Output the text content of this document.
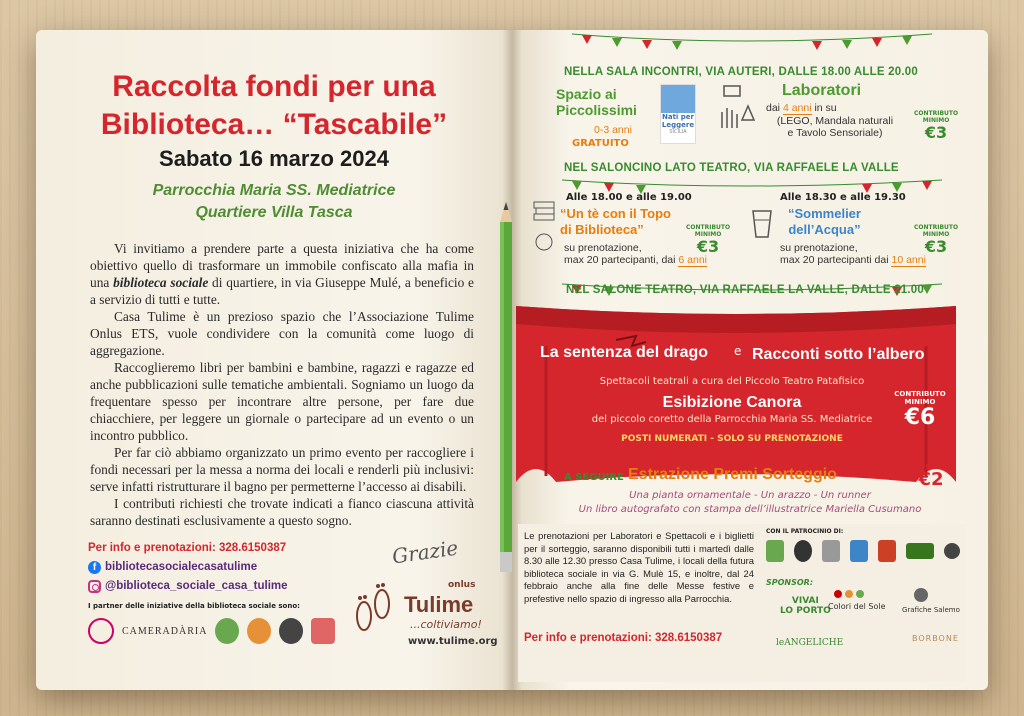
Raccolta fondi per una
Biblioteca… “Tascabile”
Sabato 16 marzo 2024
Parrocchia Maria SS. Mediatrice
Quartiere Villa Tasca

Vi invitiamo a prendere parte a questa iniziativa che ha come obiettivo quello di trasformare un immobile confiscato alla mafia in una biblioteca sociale di quartiere, in via Giuseppe Mulé, a beneficio e a servizio di tutti e tutte.

Casa Tulime è un prezioso spazio che l’Associazione Tulime Onlus ETS, vuole condividere con la comunità come luogo di aggregazione.

Raccoglieremo libri per bambini e bambine, ragazzi e ragazze ed anche pubblicazioni sulle tematiche ambientali. Sogniamo un luogo da frequentare spesso per incontrare altre persone, per fare due chiacchiere, per leggere un giornale o partecipare ad un evento o un incontro pubblico.

Per far ciò abbiamo organizzato un primo evento per raccogliere i fondi necessari per la messa a norma dei locali e renderli più inclusivi: serve infatti ristrutturare il bagno per permetterne l’accesso ai disabili.

I contributi richiesti che trovate indicati a fianco ciascuna attività saranno destinati esclusivamente a questo sogno.

Per info e prenotazioni: 328.6150387
f bibliotecasocialecasatulime
@biblioteca_sociale_casa_tulime
I partner delle iniziative della biblioteca sociale sono:
CAMERADÀRIA
Grazie
onlus
Tulime
...coltiviamo!
www.tulime.org
NELLA SALA INCONTRI, VIA AUTERI, DALLE 18.00 ALLE 20.00
Spazio ai
Piccolissimi
0-3 anni
GRATUITO
Nati per
Leggere
SICILIA
Laboratori
dai 4 anni in su
(LEGO, Mandala naturali
e Tavolo Sensoriale)
CONTRIBUTO
MINIMO
€3
NEL SALONCINO LATO TEATRO, VIA RAFFAELE LA VALLE
Alle 18.00 e alle 19.00
“Un tè con il Topo
di Biblioteca”
su prenotazione,
max 20 partecipanti, dai 6 anni
CONTRIBUTO
MINIMO
€3
Alle 18.30 e alle 19.30
“Sommelier
dell’Acqua”
su prenotazione,
max 20 partecipanti dai 10 anni
CONTRIBUTO
MINIMO
€3
NEL SALONE TEATRO, VIA RAFFAELE LA VALLE, DALLE 21.00
La sentenza del drago e Racconti sotto l’albero
Spettacoli teatrali a cura del Piccolo Teatro Patafisico
Esibizione Canora
del piccolo coretto della Parrocchia Maria SS. Mediatrice
POSTI NUMERATI - SOLO SU PRENOTAZIONE
CONTRIBUTO
MINIMO
€6
A SEGUIRE Estrazione Premi Sorteggio	1 biglietto
€2
Una pianta ornamentale - Un arazzo - Un runner
Un libro autografato con stampa dell’illustratrice Mariella Cusumano
Le prenotazioni per Laboratori e Spettacoli e i biglietti per il sorteggio, saranno disponibili tutti i martedì dalle 8.30 alle 12.30 presso Casa Tulime, i locali della futura biblioteca sociale in via G. Mulè 15, e inoltre, dal 24 febbraio anche alla fine delle Messe festive e prefestive nello spazio di ingresso alla Parrocchia.
Per info e prenotazioni: 328.6150387
CON IL PATROCINIO DI:
SPONSOR:
VIVAI
LO PORTO
Colori del Sole Grafiche Salemo
leANGELICHE	BORBONE
